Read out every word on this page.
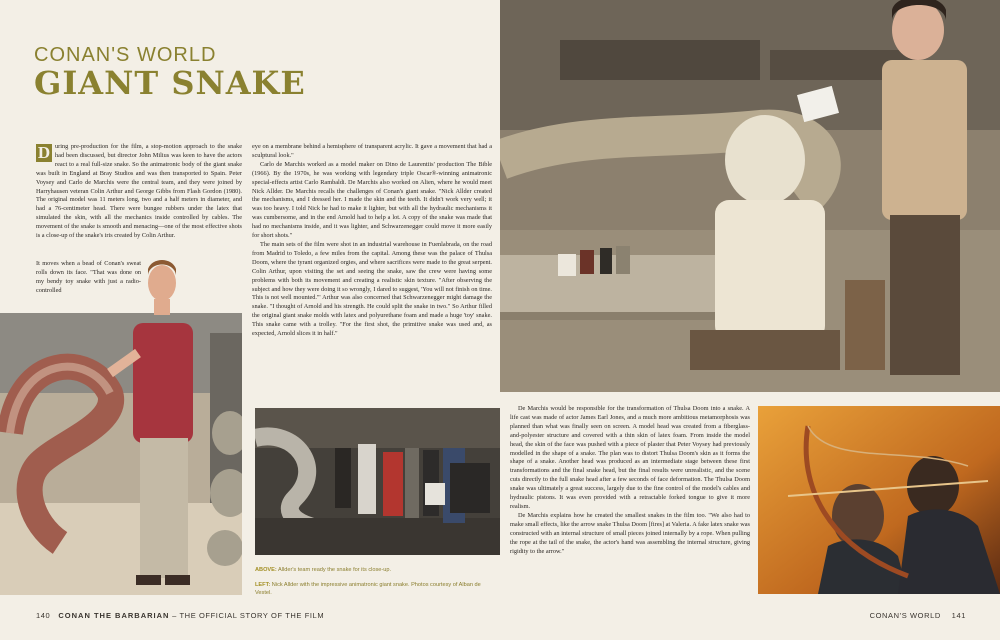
CONAN'S WORLD
GIANT SNAKE

D uring pre-production for the film, a stop-motion approach to the snake had been discussed, but director John Milius was keen to have the actors react to a real full-size snake. So the animatronic body of the giant snake was built in England at Bray Studios and was then transported to Spain. Peter Voysey and Carlo de Marchis were the central team, and they were joined by Harryhausen veteran Colin Arthur and George Gibbs from Flash Gordon (1980). The original model was 11 meters long, two and a half meters in diameter, and had a 76-centimeter head. There were bungee rubbers under the latex that simulated the skin, with all the mechanics inside controlled by cables. The movement of the snake is smooth and menacing—one of the most effective shots is a close-up of the snake's iris created by Colin Arthur.

It moves when a bead of Conan's sweat rolls down its face. "That was done on my bendy toy snake with just a radio-controlled

eye on a membrane behind a hemisphere of transparent acrylic. It gave a movement that had a sculptural look."

Carlo de Marchis worked as a model maker on Dino de Laurentiis' production The Bible (1966). By the 1970s, he was working with legendary triple Oscar®-winning animatronic special-effects artist Carlo Rambaldi. De Marchis also worked on Alien, where he would meet Nick Allder. De Marchis recalls the challenges of Conan's giant snake. "Nick Allder created the mechanisms, and I dressed her. I made the skin and the teeth. It didn't work very well; it was too heavy. I told Nick he had to make it lighter, but with all the hydraulic mechanisms it was cumbersome, and in the end Arnold had to help a lot. A copy of the snake was made that had no mechanisms inside, and it was lighter, and Schwarzenegger could move it more easily for short shots."

The main sets of the film were shot in an industrial warehouse in Fuenlabrada, on the road from Madrid to Toledo, a few miles from the capital. Among these was the palace of Thulsa Doom, where the tyrant organized orgies, and where sacrifices were made to the great serpent. Colin Arthur, upon visiting the set and seeing the snake, saw the crew were having some problems with both its movement and creating a realistic skin texture. "After observing the subject and how they were doing it so wrongly, I dared to suggest, 'You will not finish on time. This is not well mounted.'" Arthur was also concerned that Schwarzenegger might damage the snake. "I thought of Arnold and his strength. He could split the snake in two." So Arthur filled the original giant snake molds with latex and polyurethane foam and made a huge 'toy' snake. This snake came with a trolley. "For the first shot, the primitive snake was used and, as expected, Arnold slices it in half."

ABOVE: Allder's team ready the snake for its close-up.
LEFT: Nick Allder with the impressive animatronic giant snake. Photos courtesy of Alban de Vestel.

De Marchis would be responsible for the transformation of Thulsa Doom into a snake. A life cast was made of actor James Earl Jones, and a much more ambitious metamorphosis was planned than what was finally seen on screen. A model head was created from a fiberglass-and-polyester structure and covered with a thin skin of latex foam. From inside the model head, the skin of the face was pushed with a piece of plaster that Peter Voysey had previously modelled in the shape of a snake. The plan was to distort Thulsa Doom's skin as it forms the shape of a snake. Another head was produced as an intermediate stage between these first transformations and the final snake head, but the final results were unrealistic, and the scene cuts directly to the full snake head after a few seconds of face deformation. The Thulsa Doom snake was ultimately a great success, largely due to the fine control of the model's cables and hydraulic pistons. It was even provided with a retractable forked tongue to give it more realism.

De Marchis explains how he created the smallest snakes in the film too. "We also had to make small effects, like the arrow snake Thulsa Doom [fires] at Valeria. A fake latex snake was constructed with an internal structure of small pieces joined internally by a rope. When pulling the rope at the tail of the snake, the actor's hand was assembling the internal structure, giving rigidity to the arrow."

140 CONAN THE BARBARIAN – THE OFFICIAL STORY OF THE FILM	CONAN'S WORLD 141
